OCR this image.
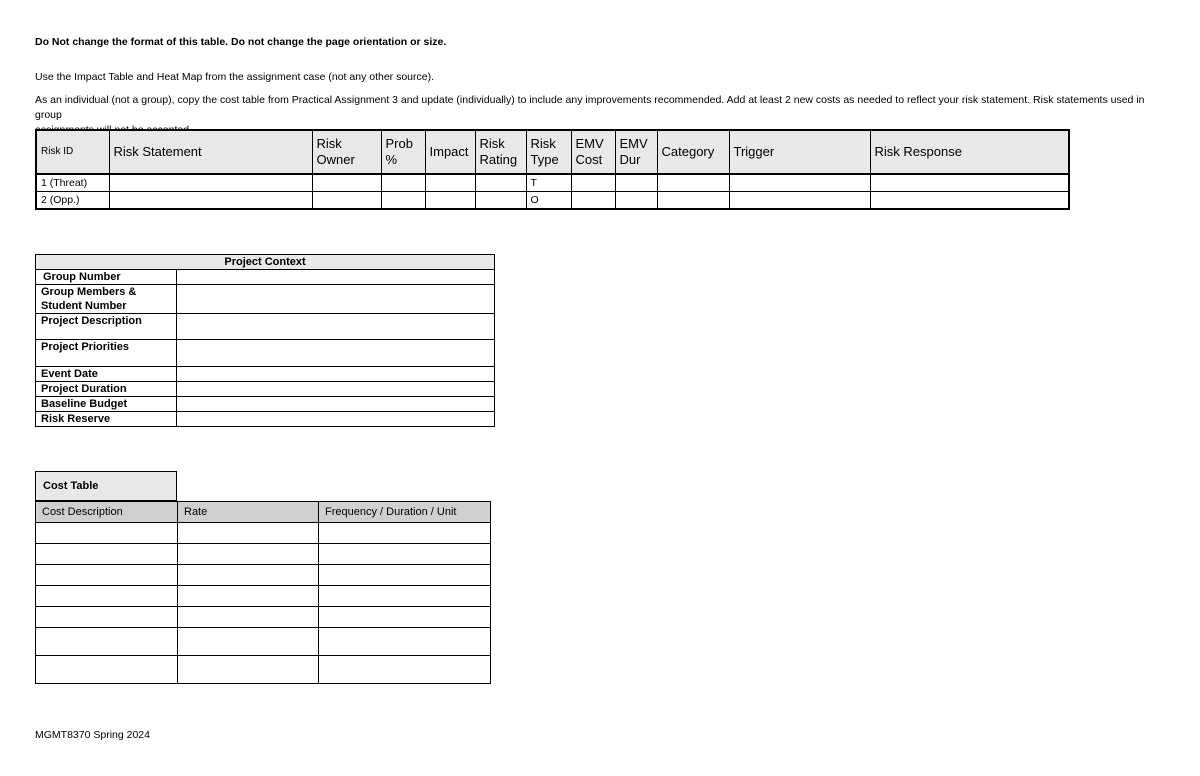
Do Not change the format of this table. Do not change the page orientation or size.
Use the Impact Table and Heat Map from the assignment case (not any other source).
As an individual (not a group), copy the cost table from Practical Assignment 3 and update (individually) to include any improvements recommended. Add at least 2 new costs as needed to reflect your risk statement. Risk statements used in group
Risk ID	Risk Statement	Risk Owner	Prob %	Impact	Risk Rating	Risk Type	EMV Cost	EMV Dur	Category	Trigger	Risk Response
1 (Threat)						T					
2 (Opp.)						O					
Project Context	
Group Number	
Group Members & Student Number	
Project Description	
Project Priorities	
Event Date	
Project Duration	
Baseline Budget	
Risk Reserve	
Cost Table
Cost Description	Rate	Frequency / Duration / Unit

MGMT8370 Spring 2024
